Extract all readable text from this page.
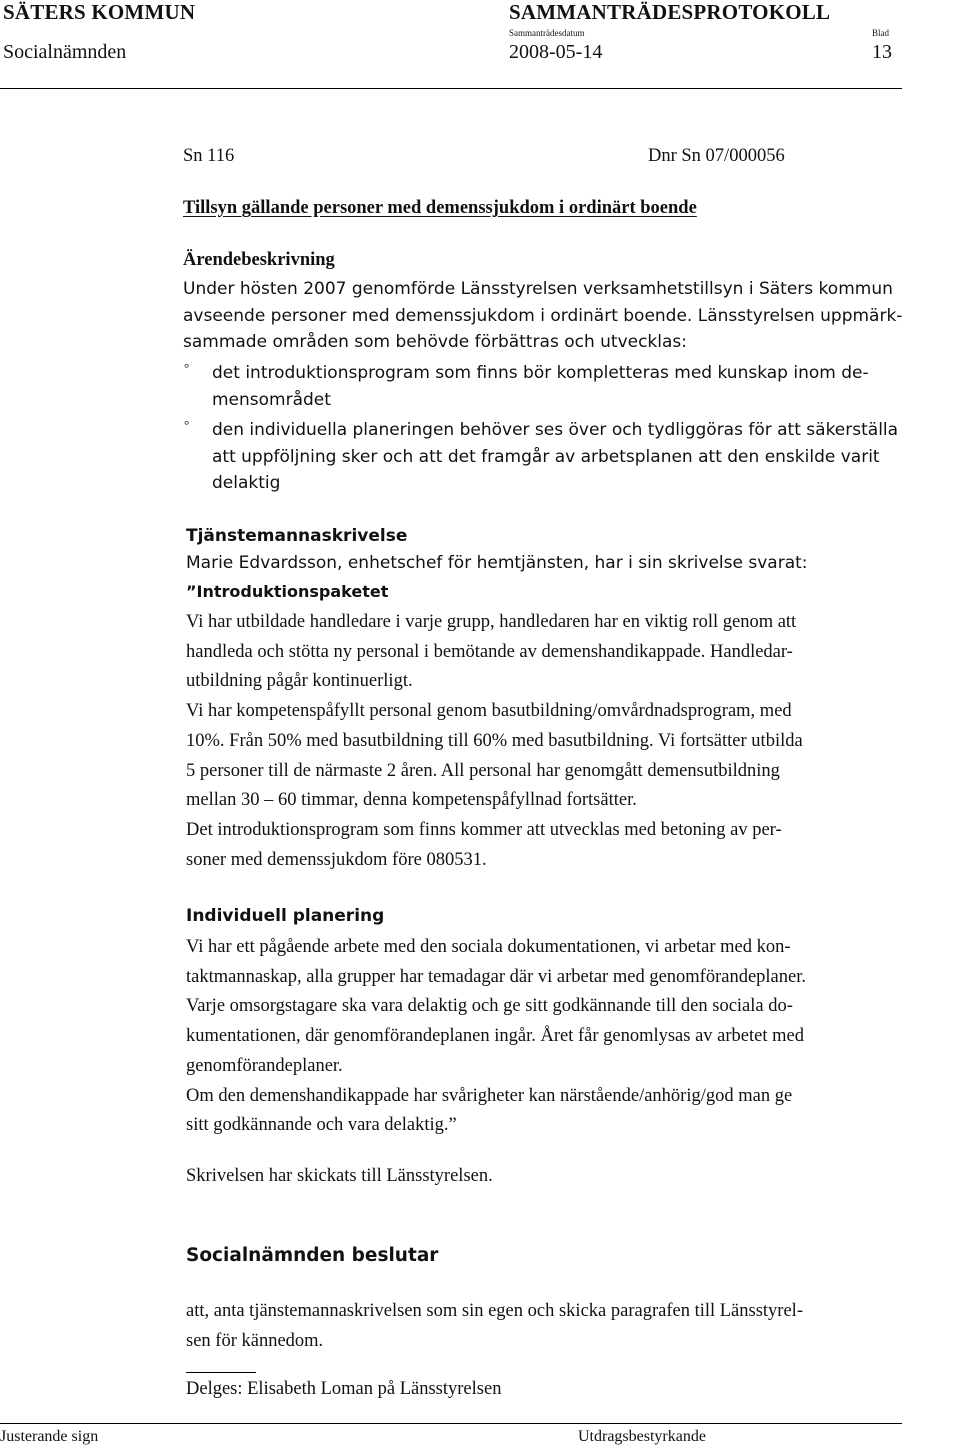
SÄTERS KOMMUN	SAMMANTRÄDESPROTOKOLL
Socialnämnden
Sammanträdesdatum
2008-05-14
Blad
13
Sn 116	Dnr Sn 07/000056
Tillsyn gällande personer med demenssjukdom i ordinärt boende
Ärendebeskrivning
Under hösten 2007 genomförde Länsstyrelsen verksamhetstillsyn i Säters kommun
avseende personer med demenssjukdom i ordinärt boende. Länsstyrelsen uppmärk-
sammade områden som behövde förbättras och utvecklas:
° det introduktionsprogram som finns bör kompletteras med kunskap inom de-
mensområdet
° den individuella planeringen behöver ses över och tydliggöras för att säkerställa
att uppföljning sker och att det framgår av arbetsplanen att den enskilde varit
delaktig
Tjänstemannaskrivelse
Marie Edvardsson, enhetschef för hemtjänsten, har i sin skrivelse svarat:
”Introduktionspaketet
Vi har utbildade handledare i varje grupp, handledaren har en viktig roll genom att
handleda och stötta ny personal i bemötande av demenshandikappade. Handledar-
utbildning pågår kontinuerligt.
Vi har kompetenspåfyllt personal genom basutbildning/omvårdnadsprogram, med
10%. Från 50% med basutbildning till 60% med basutbildning. Vi fortsätter utbilda
5 personer till de närmaste 2 åren. All personal har genomgått demensutbildning
mellan 30 – 60 timmar, denna kompetenspåfyllnad fortsätter.
Det introduktionsprogram som finns kommer att utvecklas med betoning av per-
soner med demenssjukdom före 080531.
Individuell planering
Vi har ett pågående arbete med den sociala dokumentationen, vi arbetar med kon-
taktmannaskap, alla grupper har temadagar där vi arbetar med genomförandeplaner.
Varje omsorgstagare ska vara delaktig och ge sitt godkännande till den sociala do-
kumentationen, där genomförandeplanen ingår. Året får genomlysas av arbetet med
genomförandeplaner.
Om den demenshandikappade har svårigheter kan närstående/anhörig/god man ge
sitt godkännande och vara delaktig.”
Skrivelsen har skickats till Länsstyrelsen.
Socialnämnden beslutar
att, anta tjänstemannaskrivelsen som sin egen och skicka paragrafen till Länsstyrel-
sen för kännedom.
Delges: Elisabeth Loman på Länsstyrelsen
Justerande sign	Utdragsbestyrkande
